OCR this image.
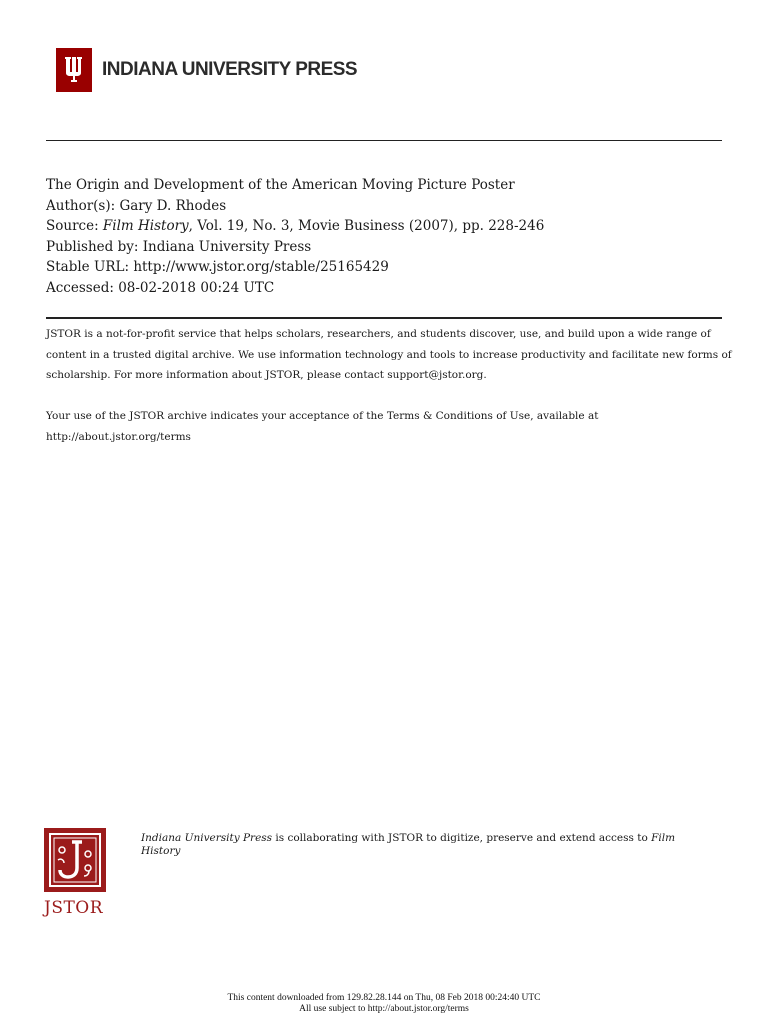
INDIANA UNIVERSITY PRESS
The Origin and Development of the American Moving Picture Poster
Author(s): Gary D. Rhodes
Source: Film History, Vol. 19, No. 3, Movie Business (2007), pp. 228-246
Published by: Indiana University Press
Stable URL: http://www.jstor.org/stable/25165429
Accessed: 08-02-2018 00:24 UTC

JSTOR is a not-for-profit service that helps scholars, researchers, and students discover, use, and build upon a wide range of content in a trusted digital archive. We use information technology and tools to increase productivity and facilitate new forms of scholarship. For more information about JSTOR, please contact support@jstor.org.

Your use of the JSTOR archive indicates your acceptance of the Terms & Conditions of Use, available at http://about.jstor.org/terms

JSTOR
Indiana University Press is collaborating with JSTOR to digitize, preserve and extend access to Film History
This content downloaded from 129.82.28.144 on Thu, 08 Feb 2018 00:24:40 UTC
All use subject to http://about.jstor.org/terms
